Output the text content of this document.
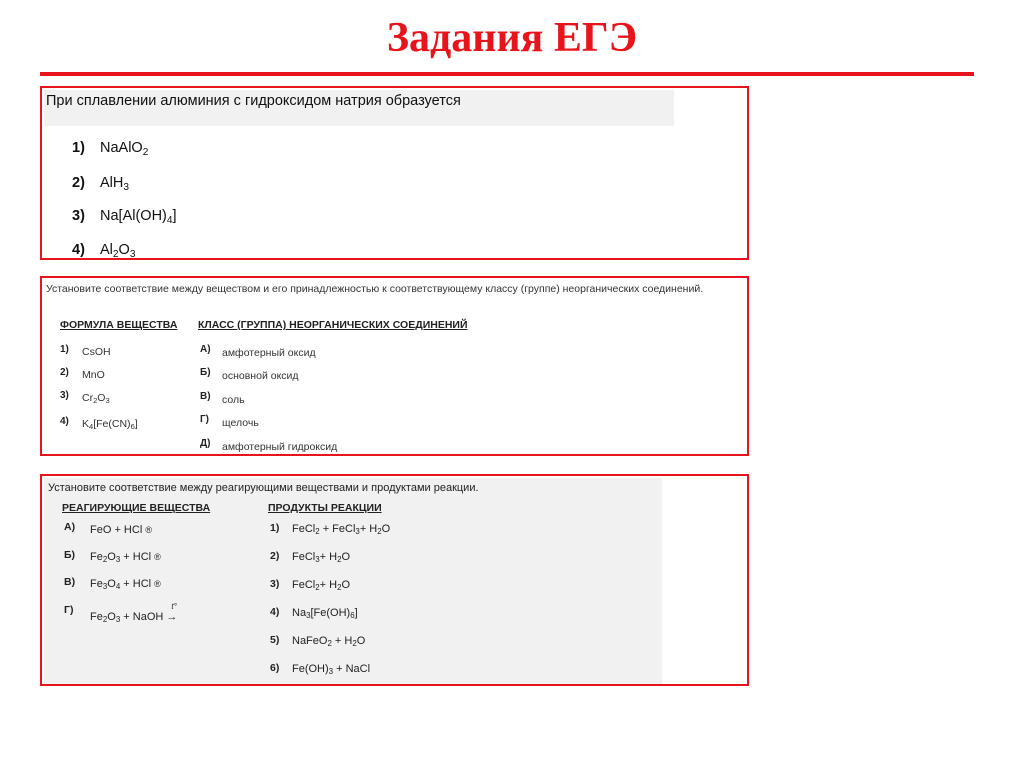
Задания ЕГЭ
При сплавлении алюминия с гидроксидом натрия образуется
1) NaAlO$_2$
2) AlH$_3$
3) $Na[Al(OH)_4]$
4) $Al_2O_3$
Установите соответствие между веществом и его принадлежностью к соответствующему классу (группе) неорганических соединений.
ФОРМУЛА ВЕЩЕСТВА КЛАСС (ГРУППА) НЕОРГАНИЧЕСКИХ СОЕДИНЕНИЙ
1) CsOH
2) MnO
3) $Cr_2O_3$
4) $K_4[Fe(CN)_6]$
А) амфотерный оксид
Б) основной оксид
В) соль
Г) щелочь
Д) амфотерный гидроксид
Установите соответствие между реагирующими веществами и продуктами реакции.
РЕАГИРУЮЩИЕ ВЕЩЕСТВА	ПРОДУКТЫ РЕАКЦИИ
А) FeO + HCl ®
Б) $Fe_2O_3$ + HCl ®
В) $Fe_3O_4$ + HCl ®
Г)
$Fe_2O_3$ + NaOH
t°
→
1) FeCl$_2$ + FeCl$_3$+ $H_2O$
2) FeCl$_3$+ $H_2O$
3) FeCl$_2$+ $H_2O$
4) $Na_3[Fe(OH)_6]$
5) NaFeO$_2$ + $H_2O$
6) $Fe(OH)_3$ + NaCl
